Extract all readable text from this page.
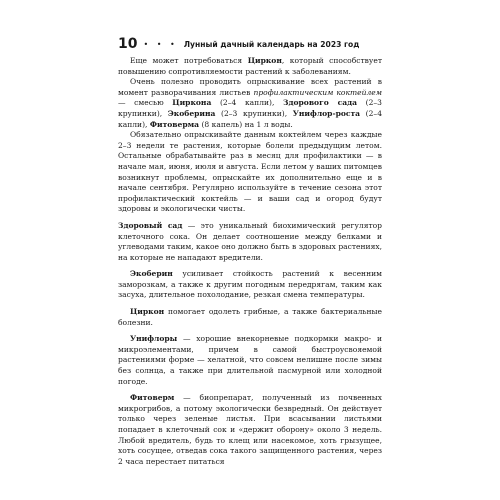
10 • • • Лунный дачный календарь на 2023 год

Еще может потребоваться Циркон, который способствует повышению сопротивляемости растений к заболеваниям.

Очень полезно проводить опрыскивание всех растений в момент разворачивания листьев профилактическим коктейлем — смесью Циркона (2–4 капли), Здорового сада (2–3 крупинки), Экоберина (2–3 крупинки), Унифлор-роста (2–4 капли), Фитоверма (8 капель) на 1 л воды.

Обязательно опрыскивайте данным коктейлем через каждые 2–3 недели те растения, которые болели предыдущим летом. Остальные обрабатывайте раз в месяц для профилактики — в начале мая, июня, июля и августа. Если летом у ваших питомцев возникнут проблемы, опрыскайте их дополнительно еще и в начале сентября. Регулярно используйте в течение сезона этот профилактический коктейль — и ваши сад и огород будут здоровы и экологически чисты.

Здоровый сад — это уникальный биохимический регулятор клеточного сока. Он делает соотношение между белками и углеводами таким, какое оно должно быть в здоровых растениях, на которые не нападают вредители.

Экоберин усиливает стойкость растений к весенним заморозкам, а также к другим погодным передрягам, таким как засуха, длительное похолодание, резкая смена температуры.

Циркон помогает одолеть грибные, а также бактериальные болезни.

Унифлоры — хорошие внекорневые подкормки макро- и микроэлементами, причем в самой быстроусвояемой растениями форме — хелатной, что совсем нелишне после зимы без солнца, а также при длительной пасмурной или холодной погоде.

Фитоверм — биопрепарат, полученный из почвенных микрогрибов, а потому экологически безвредный. Он действует только через зеленые листья. При всасывании листьями попадает в клеточный сок и «держит оборону» около 3 недель. Любой вредитель, будь то клещ или насекомое, хоть грызущее, хоть сосущее, отведав сока такого защищенного растения, через 2 часа перестает питаться
